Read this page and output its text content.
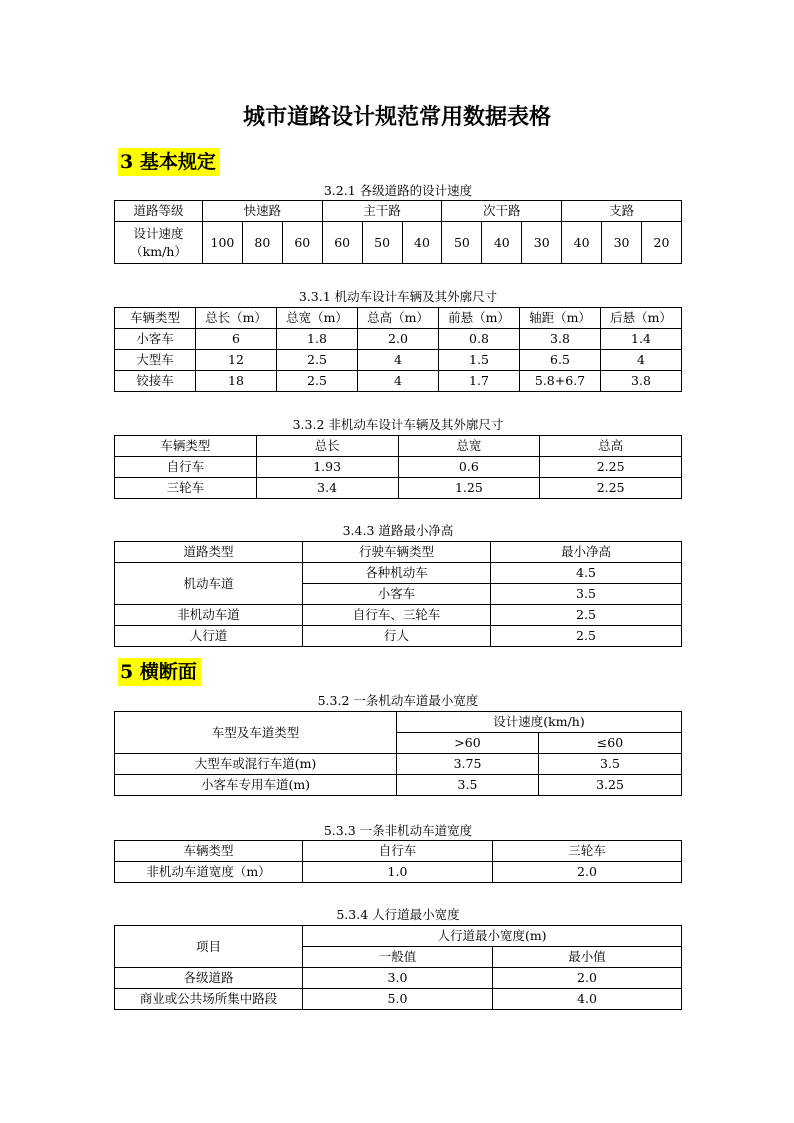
城市道路设计规范常用数据表格
3 基本规定
3.2.1 各级道路的设计速度
道路等级	快速路			主干路			次干路			支路		
设计速度（km/h）	100	80	60	60	50	40	50	40	30	40	30	20
3.3.1 机动车设计车辆及其外廓尺寸
车辆类型	总长（m）	总宽（m）	总高（m）	前悬（m）	轴距（m）	后悬（m）
小客车	6	1.8	2.0	0.8	3.8	1.4
大型车	12	2.5	4	1.5	6.5	4
铰接车	18	2.5	4	1.7	5.8+6.7	3.8
3.3.2 非机动车设计车辆及其外廓尺寸
车辆类型	总长	总宽	总高
自行车	1.93	0.6	2.25
三轮车	3.4	1.25	2.25
3.4.3 道路最小净高
道路类型	行驶车辆类型	最小净高
机动车道	各种机动车	4.5
	小客车	3.5
非机动车道	自行车、三轮车	2.5
人行道	行人	2.5
5 横断面
5.3.2 一条机动车道最小宽度
车型及车道类型	设计速度(km/h)	
	>60	≤60
大型车或混行车道(m)	3.75	3.5
小客车专用车道(m)	3.5	3.25
5.3.3 一条非机动车道宽度
车辆类型	自行车	三轮车
非机动车道宽度（m）	1.0	2.0
5.3.4 人行道最小宽度
项目	人行道最小宽度(m)	
	一般值	最小值
各级道路	3.0	2.0
商业或公共场所集中路段	5.0	4.0
